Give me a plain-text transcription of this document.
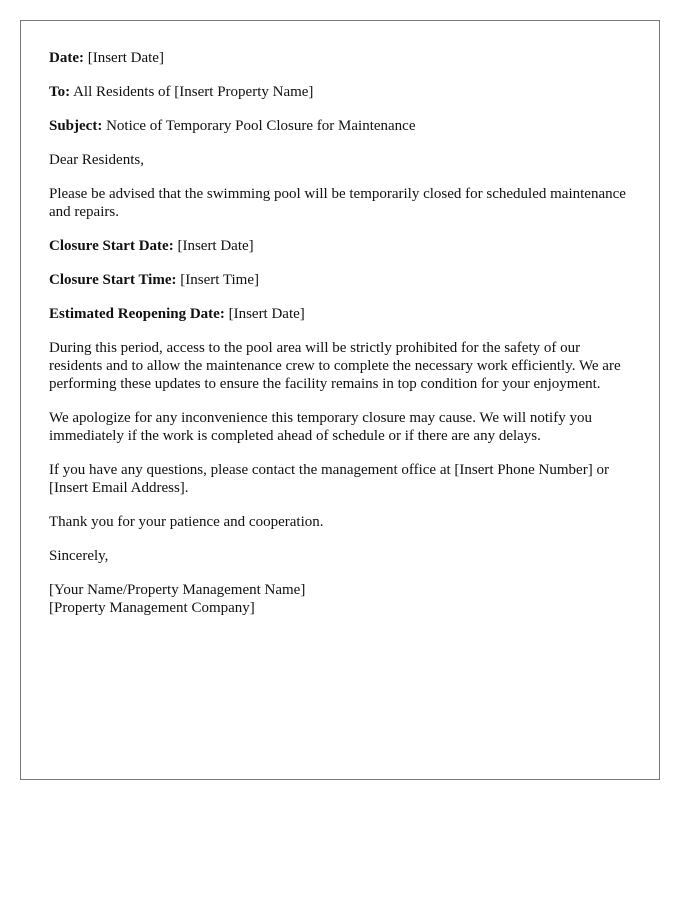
Date: [Insert Date]

To: All Residents of [Insert Property Name]

Subject: Notice of Temporary Pool Closure for Maintenance

Dear Residents,

Please be advised that the swimming pool will be temporarily closed for scheduled maintenance and repairs.

Closure Start Date: [Insert Date]

Closure Start Time: [Insert Time]

Estimated Reopening Date: [Insert Date]

During this period, access to the pool area will be strictly prohibited for the safety of our residents and to allow the maintenance crew to complete the necessary work efficiently. We are performing these updates to ensure the facility remains in top condition for your enjoyment.

We apologize for any inconvenience this temporary closure may cause. We will notify you immediately if the work is completed ahead of schedule or if there are any delays.

If you have any questions, please contact the management office at [Insert Phone Number] or [Insert Email Address].

Thank you for your patience and cooperation.

Sincerely,

[Your Name/Property Management Name]
[Property Management Company]
